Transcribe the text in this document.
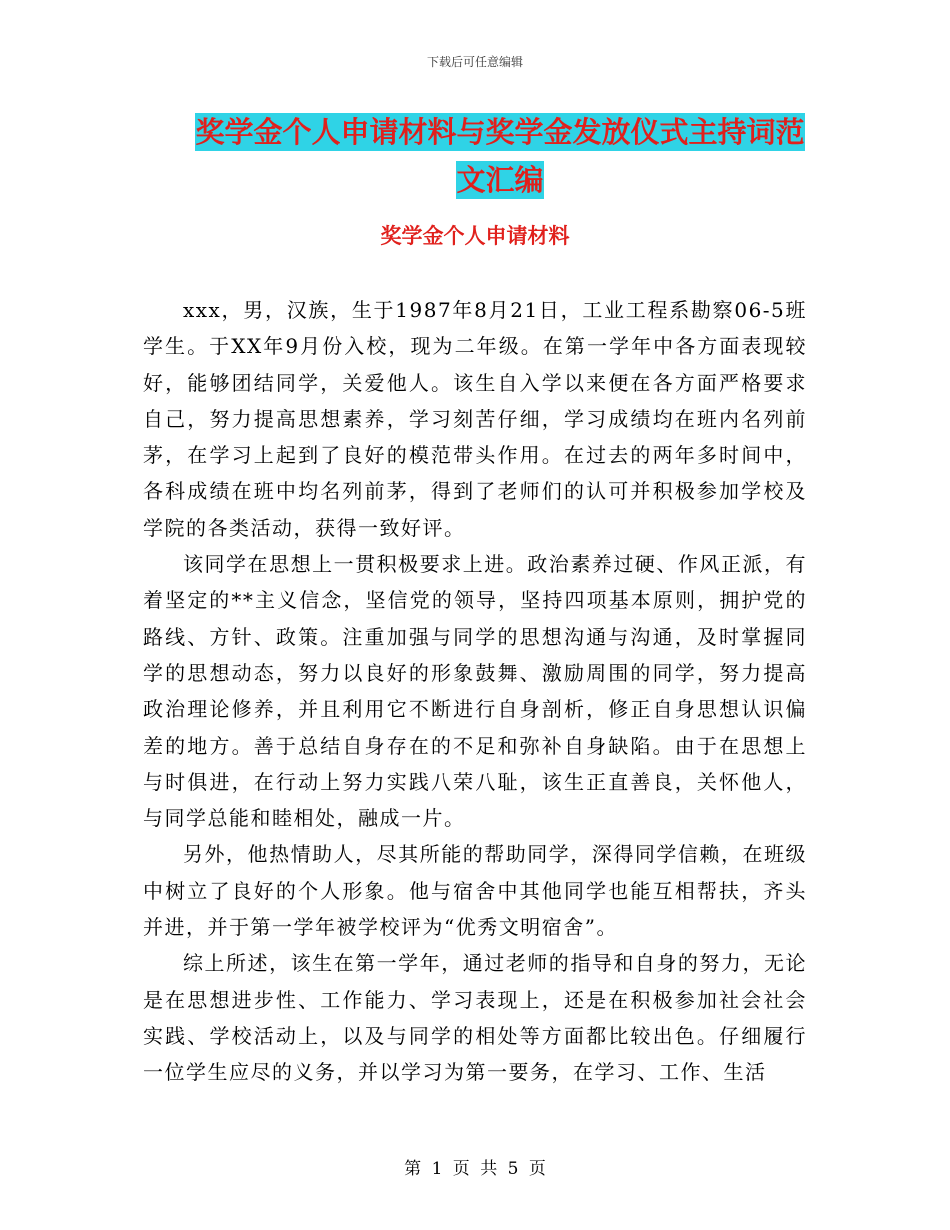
下载后可任意编辑
奖学金个人申请材料与奖学金发放仪式主持词范文汇编
奖学金个人申请材料

xxx，男，汉族，生于1987年8月21日，工业工程系勘察06-5班学生。于XX年9月份入校，现为二年级。在第一学年中各方面表现较好，能够团结同学，关爱他人。该生自入学以来便在各方面严格要求自己，努力提高思想素养，学习刻苦仔细，学习成绩均在班内名列前茅，在学习上起到了良好的模范带头作用。在过去的两年多时间中，各科成绩在班中均名列前茅，得到了老师们的认可并积极参加学校及学院的各类活动，获得一致好评。

该同学在思想上一贯积极要求上进。政治素养过硬、作风正派，有着坚定的**主义信念，坚信党的领导，坚持四项基本原则，拥护党的路线、方针、政策。注重加强与同学的思想沟通与沟通，及时掌握同学的思想动态，努力以良好的形象鼓舞、激励周围的同学，努力提高政治理论修养，并且利用它不断进行自身剖析，修正自身思想认识偏差的地方。善于总结自身存在的不足和弥补自身缺陷。由于在思想上与时俱进，在行动上努力实践八荣八耻，该生正直善良，关怀他人，与同学总能和睦相处，融成一片。

另外，他热情助人，尽其所能的帮助同学，深得同学信赖，在班级中树立了良好的个人形象。他与宿舍中其他同学也能互相帮扶，齐头并进，并于第一学年被学校评为“优秀文明宿舍”。

综上所述，该生在第一学年，通过老师的指导和自身的努力，无论是在思想进步性、工作能力、学习表现上，还是在积极参加社会社会实践、学校活动上，以及与同学的相处等方面都比较出色。仔细履行一位学生应尽的义务，并以学习为第一要务，在学习、工作、生活

第 1 页 共 5 页
